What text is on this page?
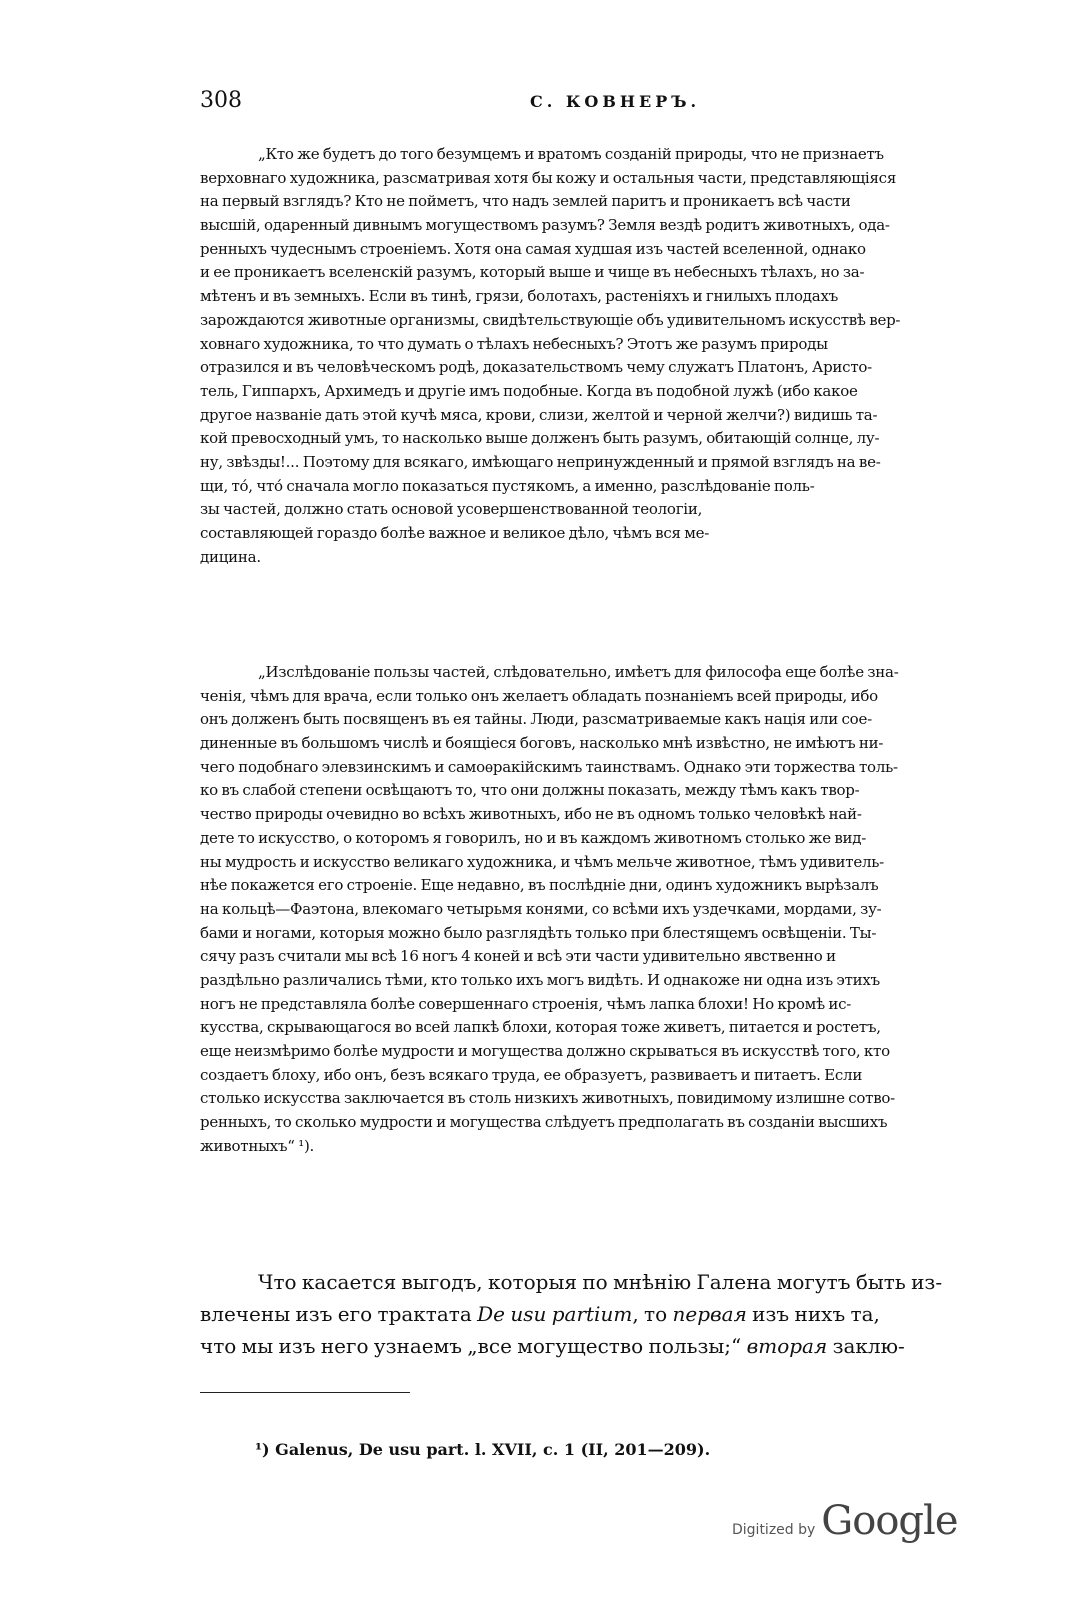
308	С. КОВНЕРЪ.
„Кто же будетъ до того безумцемъ и вратомъ созданій природы, что не признаетъ
верховнаго художника, разсматривая хотя бы кожу и остальныя части, представляющіяся
на первый взглядъ? Кто не пойметъ, что надъ землей паритъ и проникаетъ всѣ части
высшій, одаренный дивнымъ могуществомъ разумъ? Земля вездѣ родитъ животныхъ, ода-
ренныхъ чудеснымъ строеніемъ. Хотя она самая худшая изъ частей вселенной, однако
и ее проникаетъ вселенскій разумъ, который выше и чище въ небесныхъ тѣлахъ, но за-
мѣтенъ и въ земныхъ. Если въ тинѣ, грязи, болотахъ, растеніяхъ и гнилыхъ плодахъ
зарождаются животные организмы, свидѣтельствующіе объ удивительномъ искусствѣ вер-
ховнаго художника, то что думать о тѣлахъ небесныхъ? Этотъ же разумъ природы
отразился и въ человѣческомъ родѣ, доказательствомъ чему служатъ Платонъ, Аристо-
тель, Гиппархъ, Архимедъ и другіе имъ подобные. Когда въ подобной лужѣ (ибо какое
другое названіе дать этой кучѣ мяса, крови, слизи, желтой и черной желчи?) видишь та-
кой превосходный умъ, то насколько выше долженъ быть разумъ, обитающій солнце, лу-
ну, звѣзды!... Поэтому для всякаго, имѣющаго непринужденный и прямой взглядъ на ве-
щи, то́, что́ сначала могло показаться пустякомъ, а именно, разслѣдованіе поль-
зы частей, должно стать основой усовершенствованной теологіи,
составляющей гораздо болѣе важное и великое дѣло, чѣмъ вся ме-
дицина.
„Изслѣдованіе пользы частей, слѣдовательно, имѣетъ для философа еще болѣе зна-
ченія, чѣмъ для врача, если только онъ желаетъ обладать познаніемъ всей природы, ибо
онъ долженъ быть посвященъ въ ея тайны. Люди, разсматриваемые какъ нація или сое-
диненные въ большомъ числѣ и боящіеся боговъ, насколько мнѣ извѣстно, не имѣютъ ни-
чего подобнаго элевзинскимъ и самоѳракійскимъ таинствамъ. Однако эти торжества толь-
ко въ слабой степени освѣщаютъ то, что они должны показать, между тѣмъ какъ твор-
чество природы очевидно во всѣхъ животныхъ, ибо не въ одномъ только человѣкѣ най-
дете то искусство, о которомъ я говорилъ, но и въ каждомъ животномъ столько же вид-
ны мудрость и искусство великаго художника, и чѣмъ мельче животное, тѣмъ удивитель-
нѣе покажется его строеніе. Еще недавно, въ послѣдніе дни, одинъ художникъ вырѣзалъ
на кольцѣ—Фаэтона, влекомаго четырьмя конями, со всѣми ихъ уздечками, мордами, зу-
бами и ногами, которыя можно было разглядѣть только при блестящемъ освѣщеніи. Ты-
сячу разъ считали мы всѣ 16 ногъ 4 коней и всѣ эти части удивительно явственно и
раздѣльно различались тѣми, кто только ихъ могъ видѣть. И однакоже ни одна изъ этихъ
ногъ не представляла болѣе совершеннаго строенія, чѣмъ лапка блохи! Но кромѣ ис-
кусства, скрывающагося во всей лапкѣ блохи, которая тоже живетъ, питается и ростетъ,
еще неизмѣримо болѣе мудрости и могущества должно скрываться въ искусствѣ того, кто
создаетъ блоху, ибо онъ, безъ всякаго труда, ее образуетъ, развиваетъ и питаетъ. Если
столько искусства заключается въ столь низкихъ животныхъ, повидимому излишне сотво-
ренныхъ, то сколько мудрости и могущества слѣдуетъ предполагать въ созданіи высшихъ
животныхъ“ ¹).
Что касается выгодъ, которыя по мнѣнію Галена могутъ быть из-
влечены изъ его трактата De usu partium, то первая изъ нихъ та,
что мы изъ него узнаемъ „все могущество пользы;“ вторая заклю-
¹) Galenus, De usu part. l. XVII, c. 1 (II, 201—209).
Digitized by Google
